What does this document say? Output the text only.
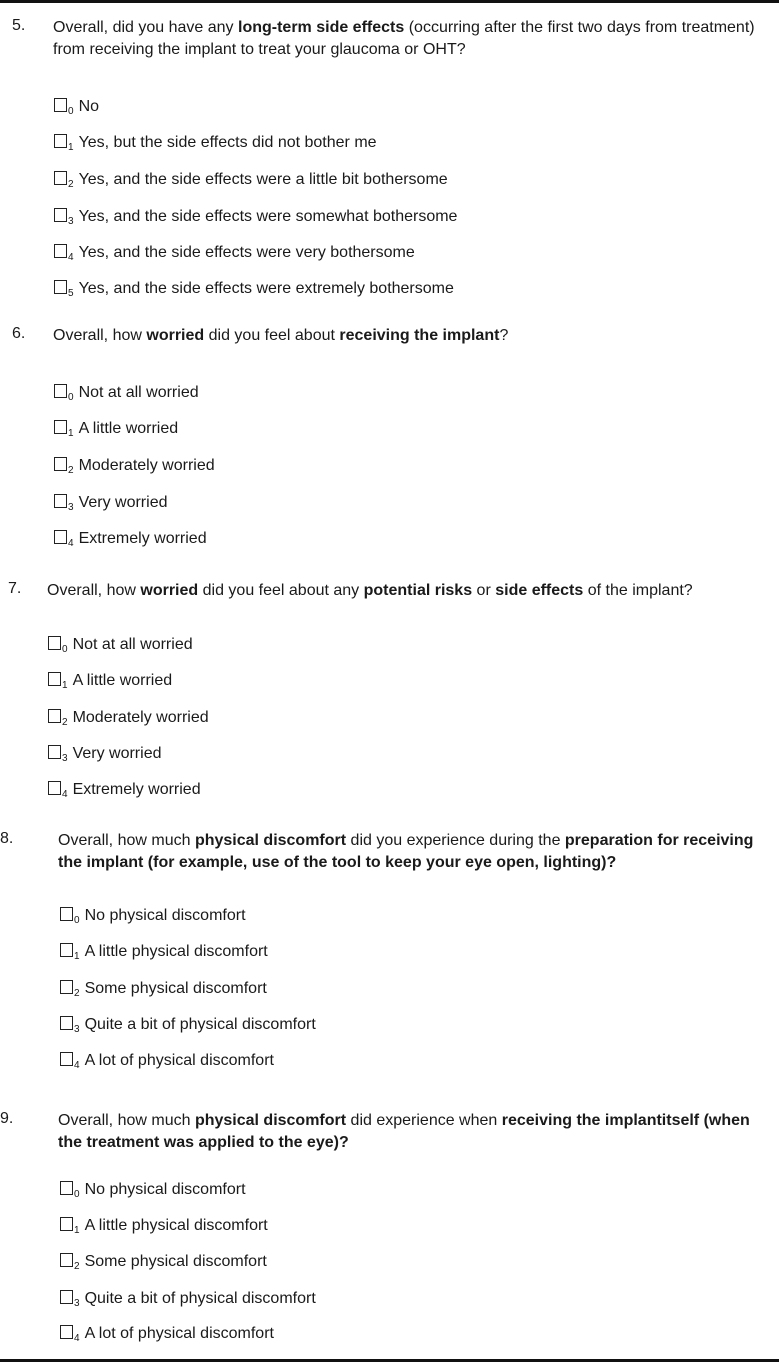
5. Overall, did you have any long-term side effects (occurring after the first two days from treatment) from receiving the implant to treat your glaucoma or OHT?
$_0$ No
$_1$ Yes, but the side effects did not bother me
$_2$ Yes, and the side effects were a little bit bothersome
$_3$ Yes, and the side effects were somewhat bothersome
$_4$ Yes, and the side effects were very bothersome
$_5$ Yes, and the side effects were extremely bothersome
6. Overall, how worried did you feel about receiving the implant?
$_0$ Not at all worried
$_1$ A little worried
$_2$ Moderately worried
$_3$ Very worried
$_4$ Extremely worried
7. Overall, how worried did you feel about any potential risks or side effects of the implant?
$_0$ Not at all worried
$_1$ A little worried
$_2$ Moderately worried
$_3$ Very worried
$_4$ Extremely worried
8.	Overall, how much physical discomfort did you experience during the preparation for receiving the implant (for example, use of the tool to keep your eye open, lighting)?
$_0$ No physical discomfort
$_1$ A little physical discomfort
$_2$ Some physical discomfort
$_3$ Quite a bit of physical discomfort
$_4$ A lot of physical discomfort
9.	Overall, how much physical discomfort did experience when receiving the implantitself (when the treatment was applied to the eye)?
$_0$ No physical discomfort
$_1$ A little physical discomfort
$_2$ Some physical discomfort
$_3$ Quite a bit of physical discomfort
$_4$ A lot of physical discomfort
